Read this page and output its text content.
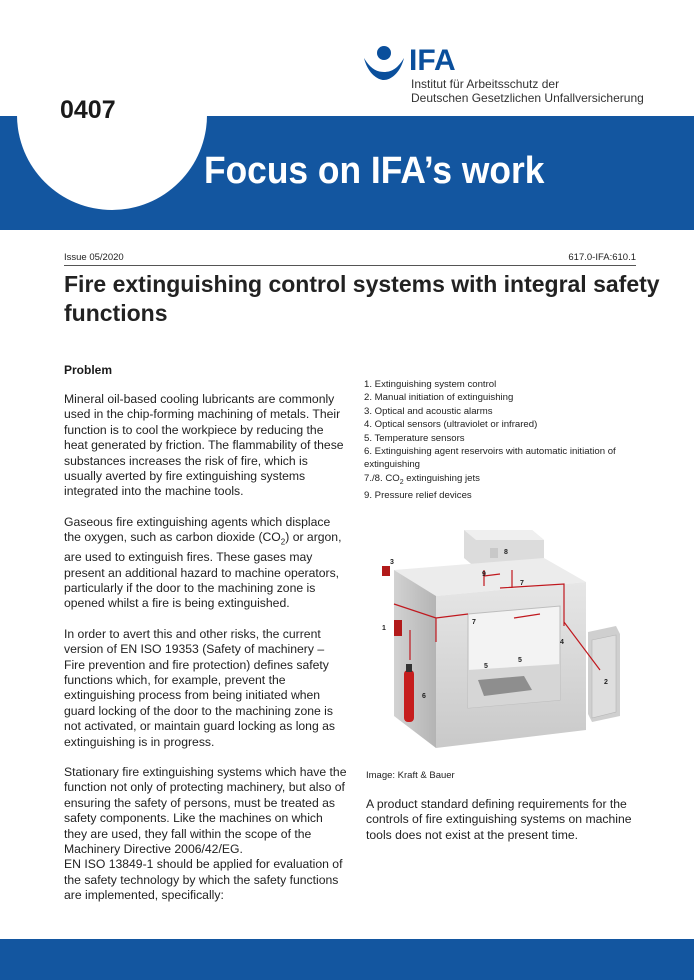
IFA
Institut für Arbeitsschutz der
Deutschen Gesetzlichen Unfallversicherung
0407
Focus on IFA’s work
Issue 05/2020	617.0-IFA:610.1
Fire extinguishing control systems with integral safety functions
Problem

Mineral oil-based cooling lubricants are commonly used in the chip-forming machining of metals. Their function is to cool the workpiece by reducing the heat generated by friction. The flammability of these substances increases the risk of fire, which is usually averted by fire extinguishing systems integrated into the machine tools.

Gaseous fire extinguishing agents which displace the oxygen, such as carbon dioxide $(CO_2)$ or argon, are used to extinguish fires. These gases may present an additional hazard to machine operators, particularly if the door to the machining zone is opened whilst a fire is being extinguished.

In order to avert this and other risks, the current version of EN ISO 19353 (Safety of machinery – Fire prevention and fire protection) defines safety functions which, for example, prevent the extinguishing process from being initiated when guard locking of the door to the machining zone is not activated, or maintain guard locking as long as extinguishing is in progress.

Stationary fire extinguishing systems which have the function not only of protecting machinery, but also of ensuring the safety of persons, must be treated as safety components. Like the machines on which they are used, they fall within the scope of the Machinery Directive 2006/42/EG.

EN ISO 13849-1 should be applied for evaluation of the safety technology by which the safety functions are implemented, specifically:

1. Extinguishing system control
2. Manual initiation of extinguishing
3. Optical and acoustic alarms
4. Optical sensors (ultraviolet or infrared)
5. Temperature sensors
6. Extinguishing agent reservoirs with automatic initiation of extinguishing
7./8. $CO_2$ extinguishing jets
9. Pressure relief devices
1
2
3
4
5
5
6
7
7
8
9
Image: Kraft & Bauer
A product standard defining requirements for the controls of fire extinguishing systems on machine tools does not exist at the present time.
